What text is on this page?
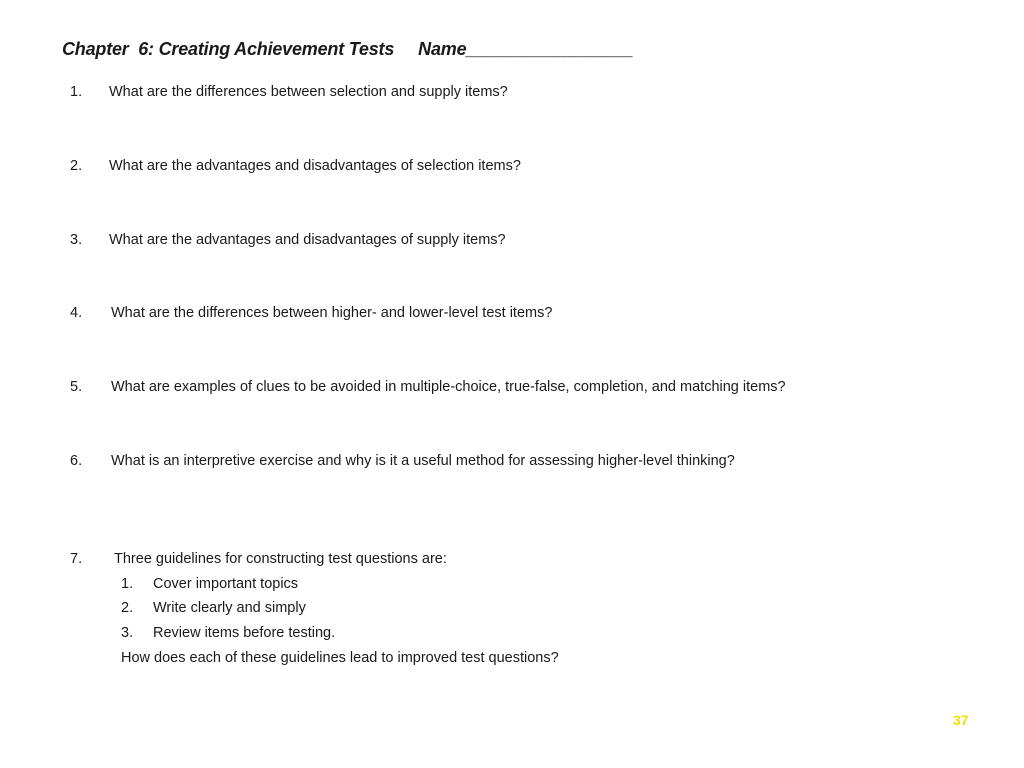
Chapter  6: Creating Achievement Tests     Name_________________
1. What are the differences between selection and supply items?
2. What are the advantages and disadvantages of selection items?
3. What are the advantages and disadvantages of supply items?
4. What are the differences between higher- and lower-level test items?
5. What are examples of clues to be avoided in multiple-choice, true-false, completion, and matching items?
6. What is an interpretive exercise and why is it a useful method for assessing higher-level thinking?
7. Three guidelines for constructing test questions are:
1. Cover important topics
2. Write clearly and simply
3. Review items before testing.
How does each of these guidelines lead to improved test questions?
37
